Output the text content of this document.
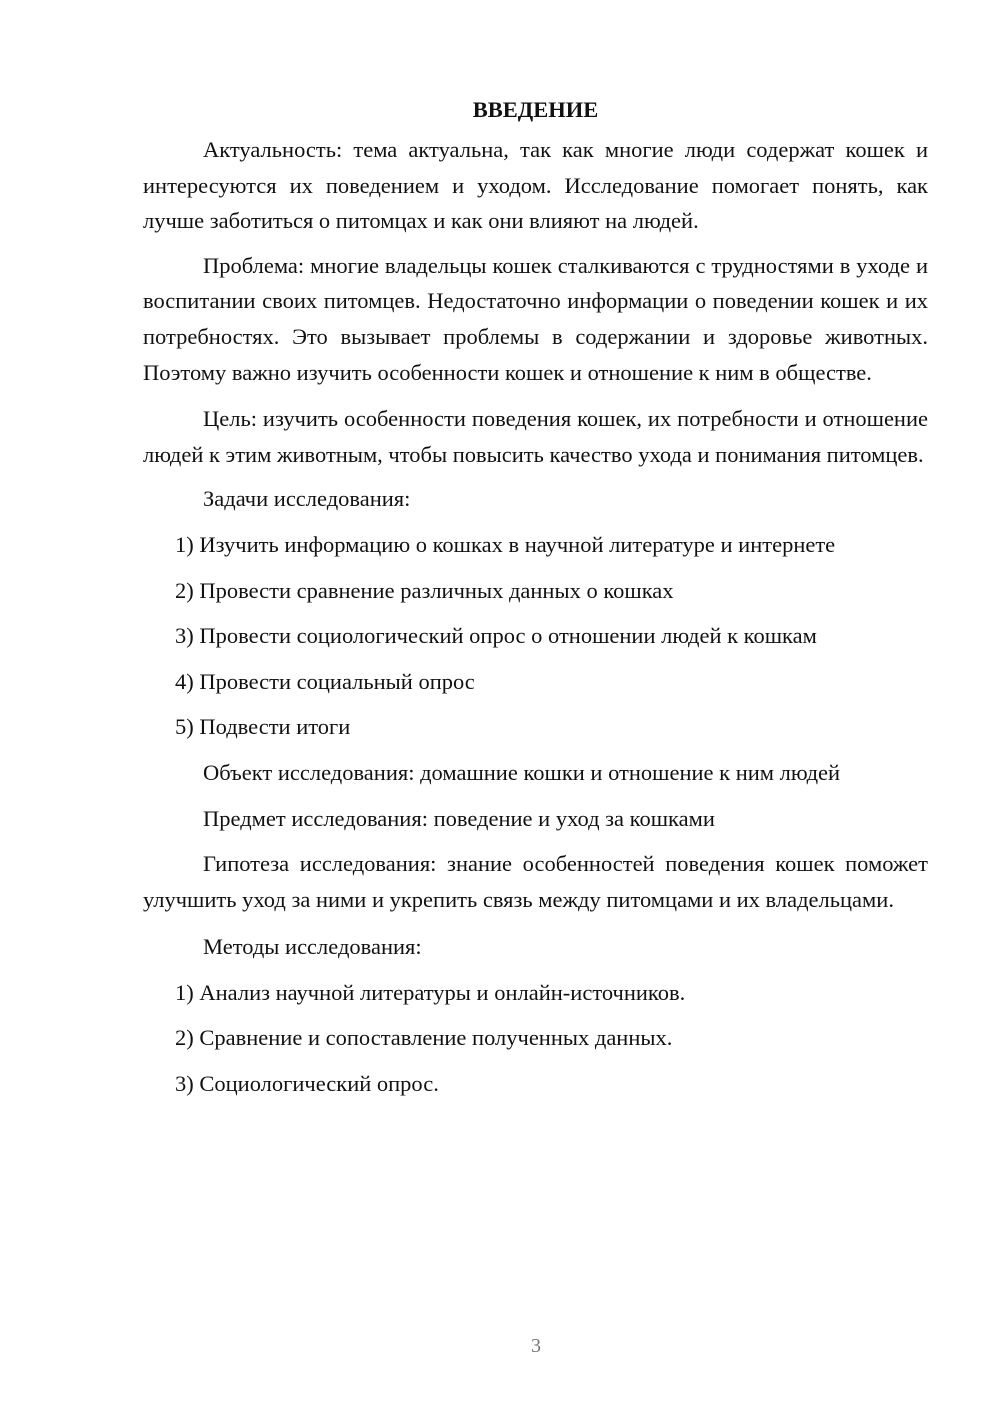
ВВЕДЕНИЕ

Актуальность: тема актуальна, так как многие люди содержат кошек и интересуются их поведением и уходом. Исследование помогает понять, как лучше заботиться о питомцах и как они влияют на людей.

Проблема: многие владельцы кошек сталкиваются с трудностями в уходе и воспитании своих питомцев. Недостаточно информации о поведении кошек и их потребностях. Это вызывает проблемы в содержании и здоровье животных. Поэтому важно изучить особенности кошек и отношение к ним в обществе.

Цель: изучить особенности поведения кошек, их потребности и отношение людей к этим животным, чтобы повысить качество ухода и понимания питомцев.

Задачи исследования:
1) Изучить информацию о кошках в научной литературе и интернете
2) Провести сравнение различных данных о кошках
3) Провести социологический опрос о отношении людей к кошкам
4) Провести социальный опрос
5) Подвести итоги
Объект исследования: домашние кошки и отношение к ним людей
Предмет исследования: поведение и уход за кошками

Гипотеза исследования: знание особенностей поведения кошек поможет улучшить уход за ними и укрепить связь между питомцами и их владельцами.

Методы исследования:
1) Анализ научной литературы и онлайн-источников.
2) Сравнение и сопоставление полученных данных.
3) Социологический опрос.
3
